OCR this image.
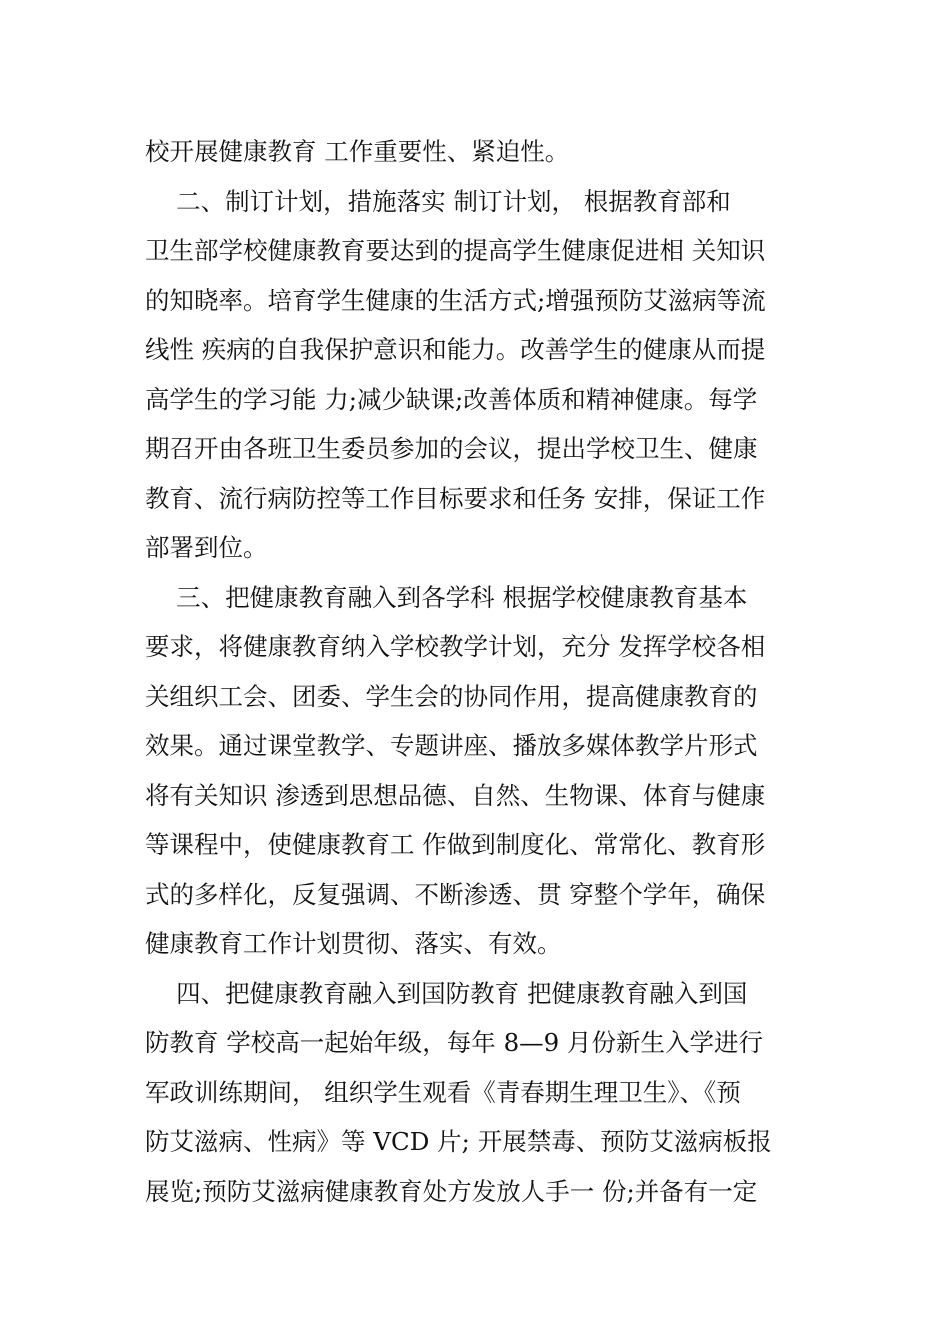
校开展健康教育 工作重要性、紧迫性。
二、制订计划，措施落实 制订计划， 根据教育部和
卫生部学校健康教育要达到的提高学生健康促进相 关知识
的知晓率。培育学生健康的生活方式;增强预防艾滋病等流
线性 疾病的自我保护意识和能力。改善学生的健康从而提
高学生的学习能 力;减少缺课;改善体质和精神健康。每学
期召开由各班卫生委员参加的会议，提出学校卫生、健康
教育、流行病防控等工作目标要求和任务 安排，保证工作
部署到位。
三、把健康教育融入到各学科 根据学校健康教育基本
要求，将健康教育纳入学校教学计划，充分 发挥学校各相
关组织工会、团委、学生会的协同作用，提高健康教育的
效果。通过课堂教学、专题讲座、播放多媒体教学片形式
将有关知识 渗透到思想品德、自然、生物课、体育与健康
等课程中，使健康教育工 作做到制度化、常常化、教育形
式的多样化，反复强调、不断渗透、贯 穿整个学年，确保
健康教育工作计划贯彻、落实、有效。
四、把健康教育融入到国防教育 把健康教育融入到国
防教育 学校高一起始年级，每年 8—9 月份新生入学进行
军政训练期间， 组织学生观看《青春期生理卫生》、《预
防艾滋病、性病》等 VCD 片; 开展禁毒、预防艾滋病板报
展览;预防艾滋病健康教育处方发放人手一 份;并备有一定
